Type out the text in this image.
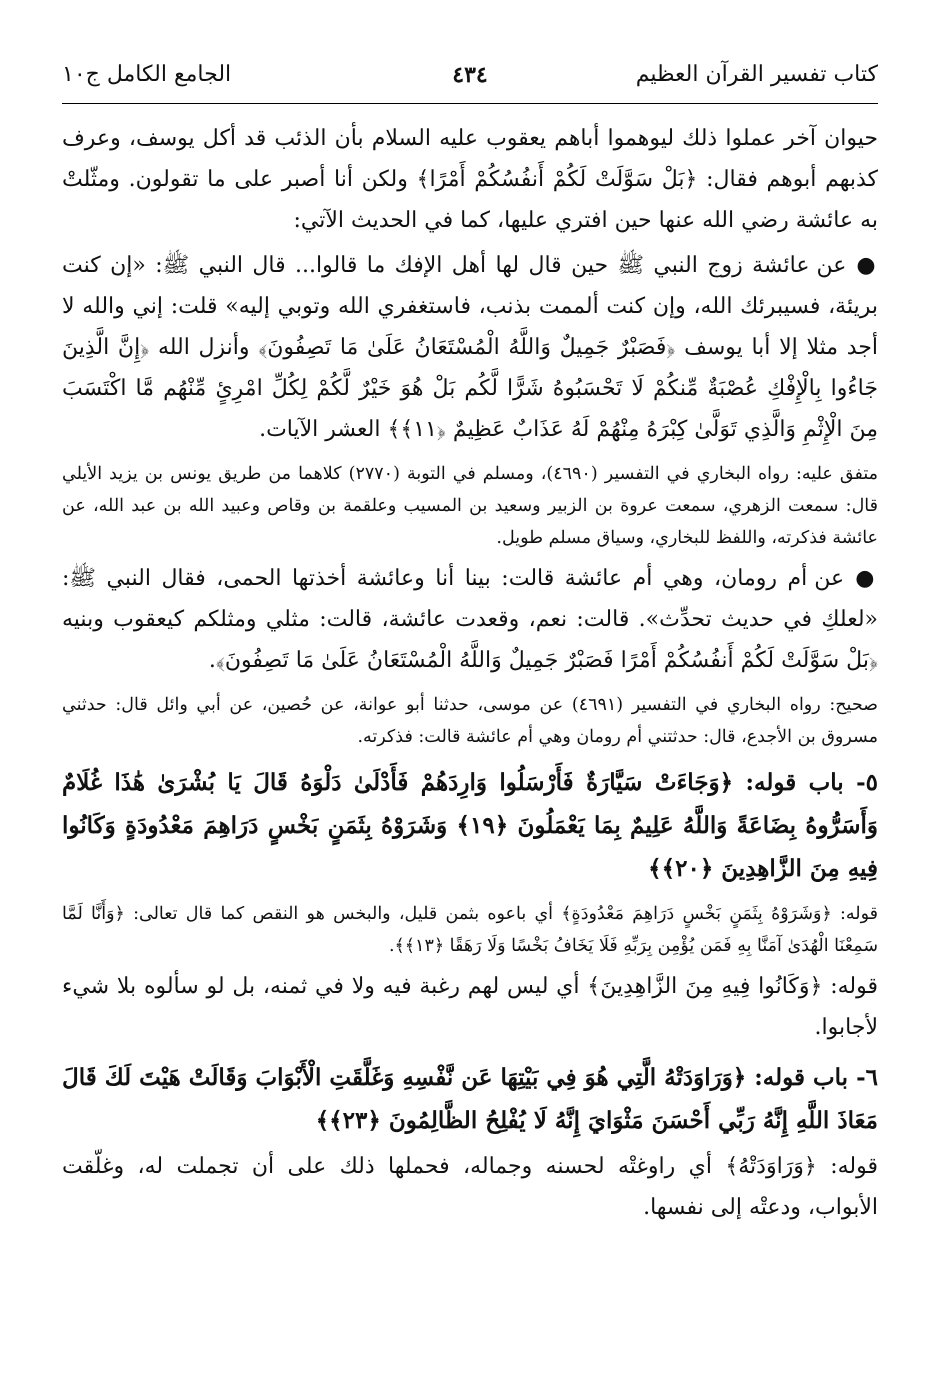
كتاب تفسير القرآن العظيم
٤٣٤
الجامع الكامل ج١٠

حيوان آخر عملوا ذلك ليوهموا أباهم يعقوب عليه السلام بأن الذئب قد أكل يوسف، وعرف كذبهم أبوهم فقال: ﴿بَلْ سَوَّلَتْ لَكُمْ أَنفُسُكُمْ أَمْرًا﴾ ولكن أنا أصبر على ما تقولون. ومثّلتْ به عائشة رضي الله عنها حين افتري عليها، كما في الحديث الآتي:

● عن عائشة زوج النبي ﷺ حين قال لها أهل الإفك ما قالوا... قال النبي ﷺ: «إن كنت بريئة، فسيبرئك الله، وإن كنت ألممت بذنب، فاستغفري الله وتوبي إليه» قلت: إني والله لا أجد مثلا إلا أبا يوسف ﴿فَصَبْرٌ جَمِيلٌ وَاللَّهُ الْمُسْتَعَانُ عَلَىٰ مَا تَصِفُونَ﴾ وأنزل الله ﴿إِنَّ الَّذِينَ جَاءُوا بِالْإِفْكِ عُصْبَةٌ مِّنكُمْ لَا تَحْسَبُوهُ شَرًّا لَّكُم بَلْ هُوَ خَيْرٌ لَّكُمْ لِكُلِّ امْرِئٍ مِّنْهُم مَّا اكْتَسَبَ مِنَ الْإِثْمِ وَالَّذِي تَوَلَّىٰ كِبْرَهُ مِنْهُمْ لَهُ عَذَابٌ عَظِيمٌ ﴿١١﴾﴾ العشر الآيات.

متفق عليه: رواه البخاري في التفسير (٤٦٩٠)، ومسلم في التوبة (٢٧٧٠) كلاهما من طريق يونس بن يزيد الأيلي قال: سمعت الزهري، سمعت عروة بن الزبير وسعيد بن المسيب وعلقمة بن وقاص وعبيد الله بن عبد الله، عن عائشة فذكرته، واللفظ للبخاري، وسياق مسلم طويل.

● عن أم رومان، وهي أم عائشة قالت: بينا أنا وعائشة أخذتها الحمى، فقال النبي ﷺ: «لعلكِ في حديث تحدِّث». قالت: نعم، وقعدت عائشة، قالت: مثلي ومثلكم كيعقوب وبنيه ﴿بَلْ سَوَّلَتْ لَكُمْ أَنفُسُكُمْ أَمْرًا فَصَبْرٌ جَمِيلٌ وَاللَّهُ الْمُسْتَعَانُ عَلَىٰ مَا تَصِفُونَ﴾.

صحيح: رواه البخاري في التفسير (٤٦٩١) عن موسى، حدثنا أبو عوانة، عن حُصين، عن أبي وائل قال: حدثني مسروق بن الأجدع، قال: حدثتني أم رومان وهي أم عائشة قالت: فذكرته.

٥- باب قوله: ﴿وَجَاءَتْ سَيَّارَةٌ فَأَرْسَلُوا وَارِدَهُمْ فَأَدْلَىٰ دَلْوَهُ قَالَ يَا بُشْرَىٰ هَٰذَا غُلَامٌ وَأَسَرُّوهُ بِضَاعَةً وَاللَّهُ عَلِيمٌ بِمَا يَعْمَلُونَ ﴿١٩﴾ وَشَرَوْهُ بِثَمَنٍ بَخْسٍ دَرَاهِمَ مَعْدُودَةٍ وَكَانُوا فِيهِ مِنَ الزَّاهِدِينَ ﴿٢٠﴾﴾

قوله: ﴿وَشَرَوْهُ بِثَمَنٍ بَخْسٍ دَرَاهِمَ مَعْدُودَةٍ﴾ أي باعوه بثمن قليل، والبخس هو النقص كما قال تعالى: ﴿وَأَنَّا لَمَّا سَمِعْنَا الْهُدَىٰ آمَنَّا بِهِ فَمَن يُؤْمِن بِرَبِّهِ فَلَا يَخَافُ بَخْسًا وَلَا رَهَقًا ﴿١٣﴾﴾.

قوله: ﴿وَكَانُوا فِيهِ مِنَ الزَّاهِدِينَ﴾ أي ليس لهم رغبة فيه ولا في ثمنه، بل لو سألوه بلا شيء لأجابوا.

٦- باب قوله: ﴿وَرَاوَدَتْهُ الَّتِي هُوَ فِي بَيْتِهَا عَن نَّفْسِهِ وَغَلَّقَتِ الْأَبْوَابَ وَقَالَتْ هَيْتَ لَكَ قَالَ مَعَاذَ اللَّهِ إِنَّهُ رَبِّي أَحْسَنَ مَثْوَايَ إِنَّهُ لَا يُفْلِحُ الظَّالِمُونَ ﴿٢٣﴾﴾

قوله: ﴿وَرَاوَدَتْهُ﴾ أي راوغتْه لحسنه وجماله، فحملها ذلك على أن تجملت له، وغلّقت الأبواب، ودعتْه إلى نفسها.
